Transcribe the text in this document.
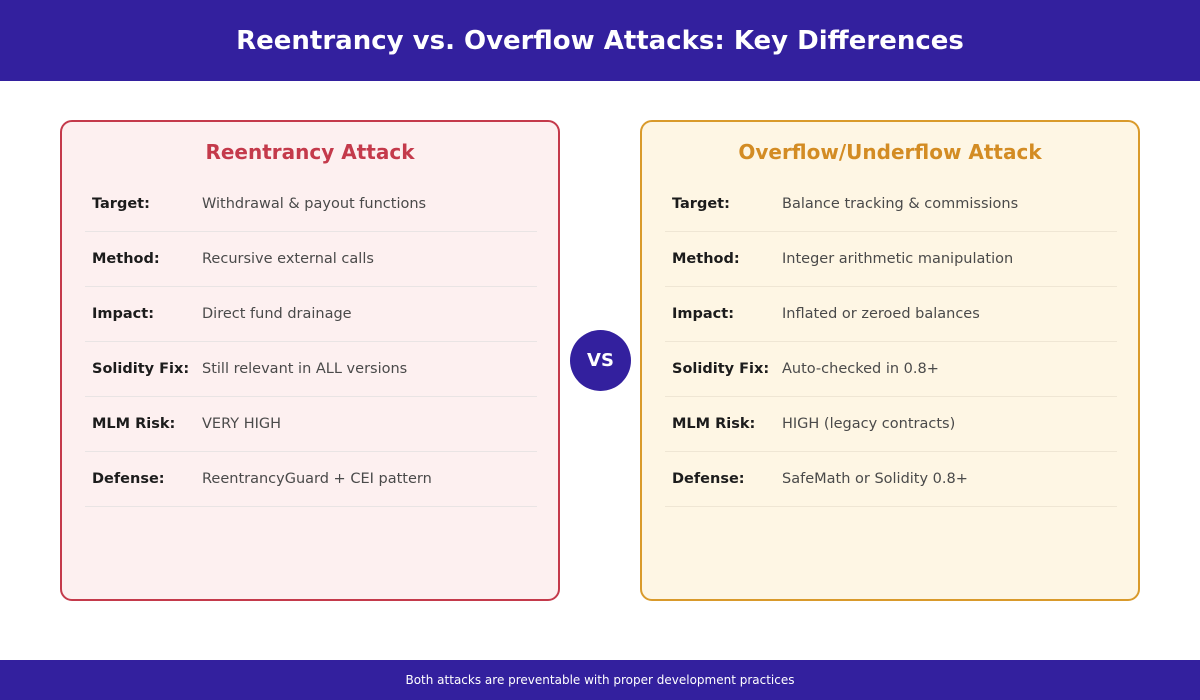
Reentrancy vs. Overflow Attacks: Key Differences
Reentrancy Attack
Target:	Withdrawal & payout functions
Method:	Recursive external calls
Impact:	Direct fund drainage
Solidity Fix: Still relevant in ALL versions
MLM Risk:	VERY HIGH
Defense:	ReentrancyGuard + CEI pattern
VS
Overflow/Underflow Attack
Target:	Balance tracking & commissions
Method:	Integer arithmetic manipulation
Impact:	Inflated or zeroed balances
Solidity Fix: Auto-checked in 0.8+
MLM Risk:	HIGH (legacy contracts)
Defense:	SafeMath or Solidity 0.8+
Both attacks are preventable with proper development practices
